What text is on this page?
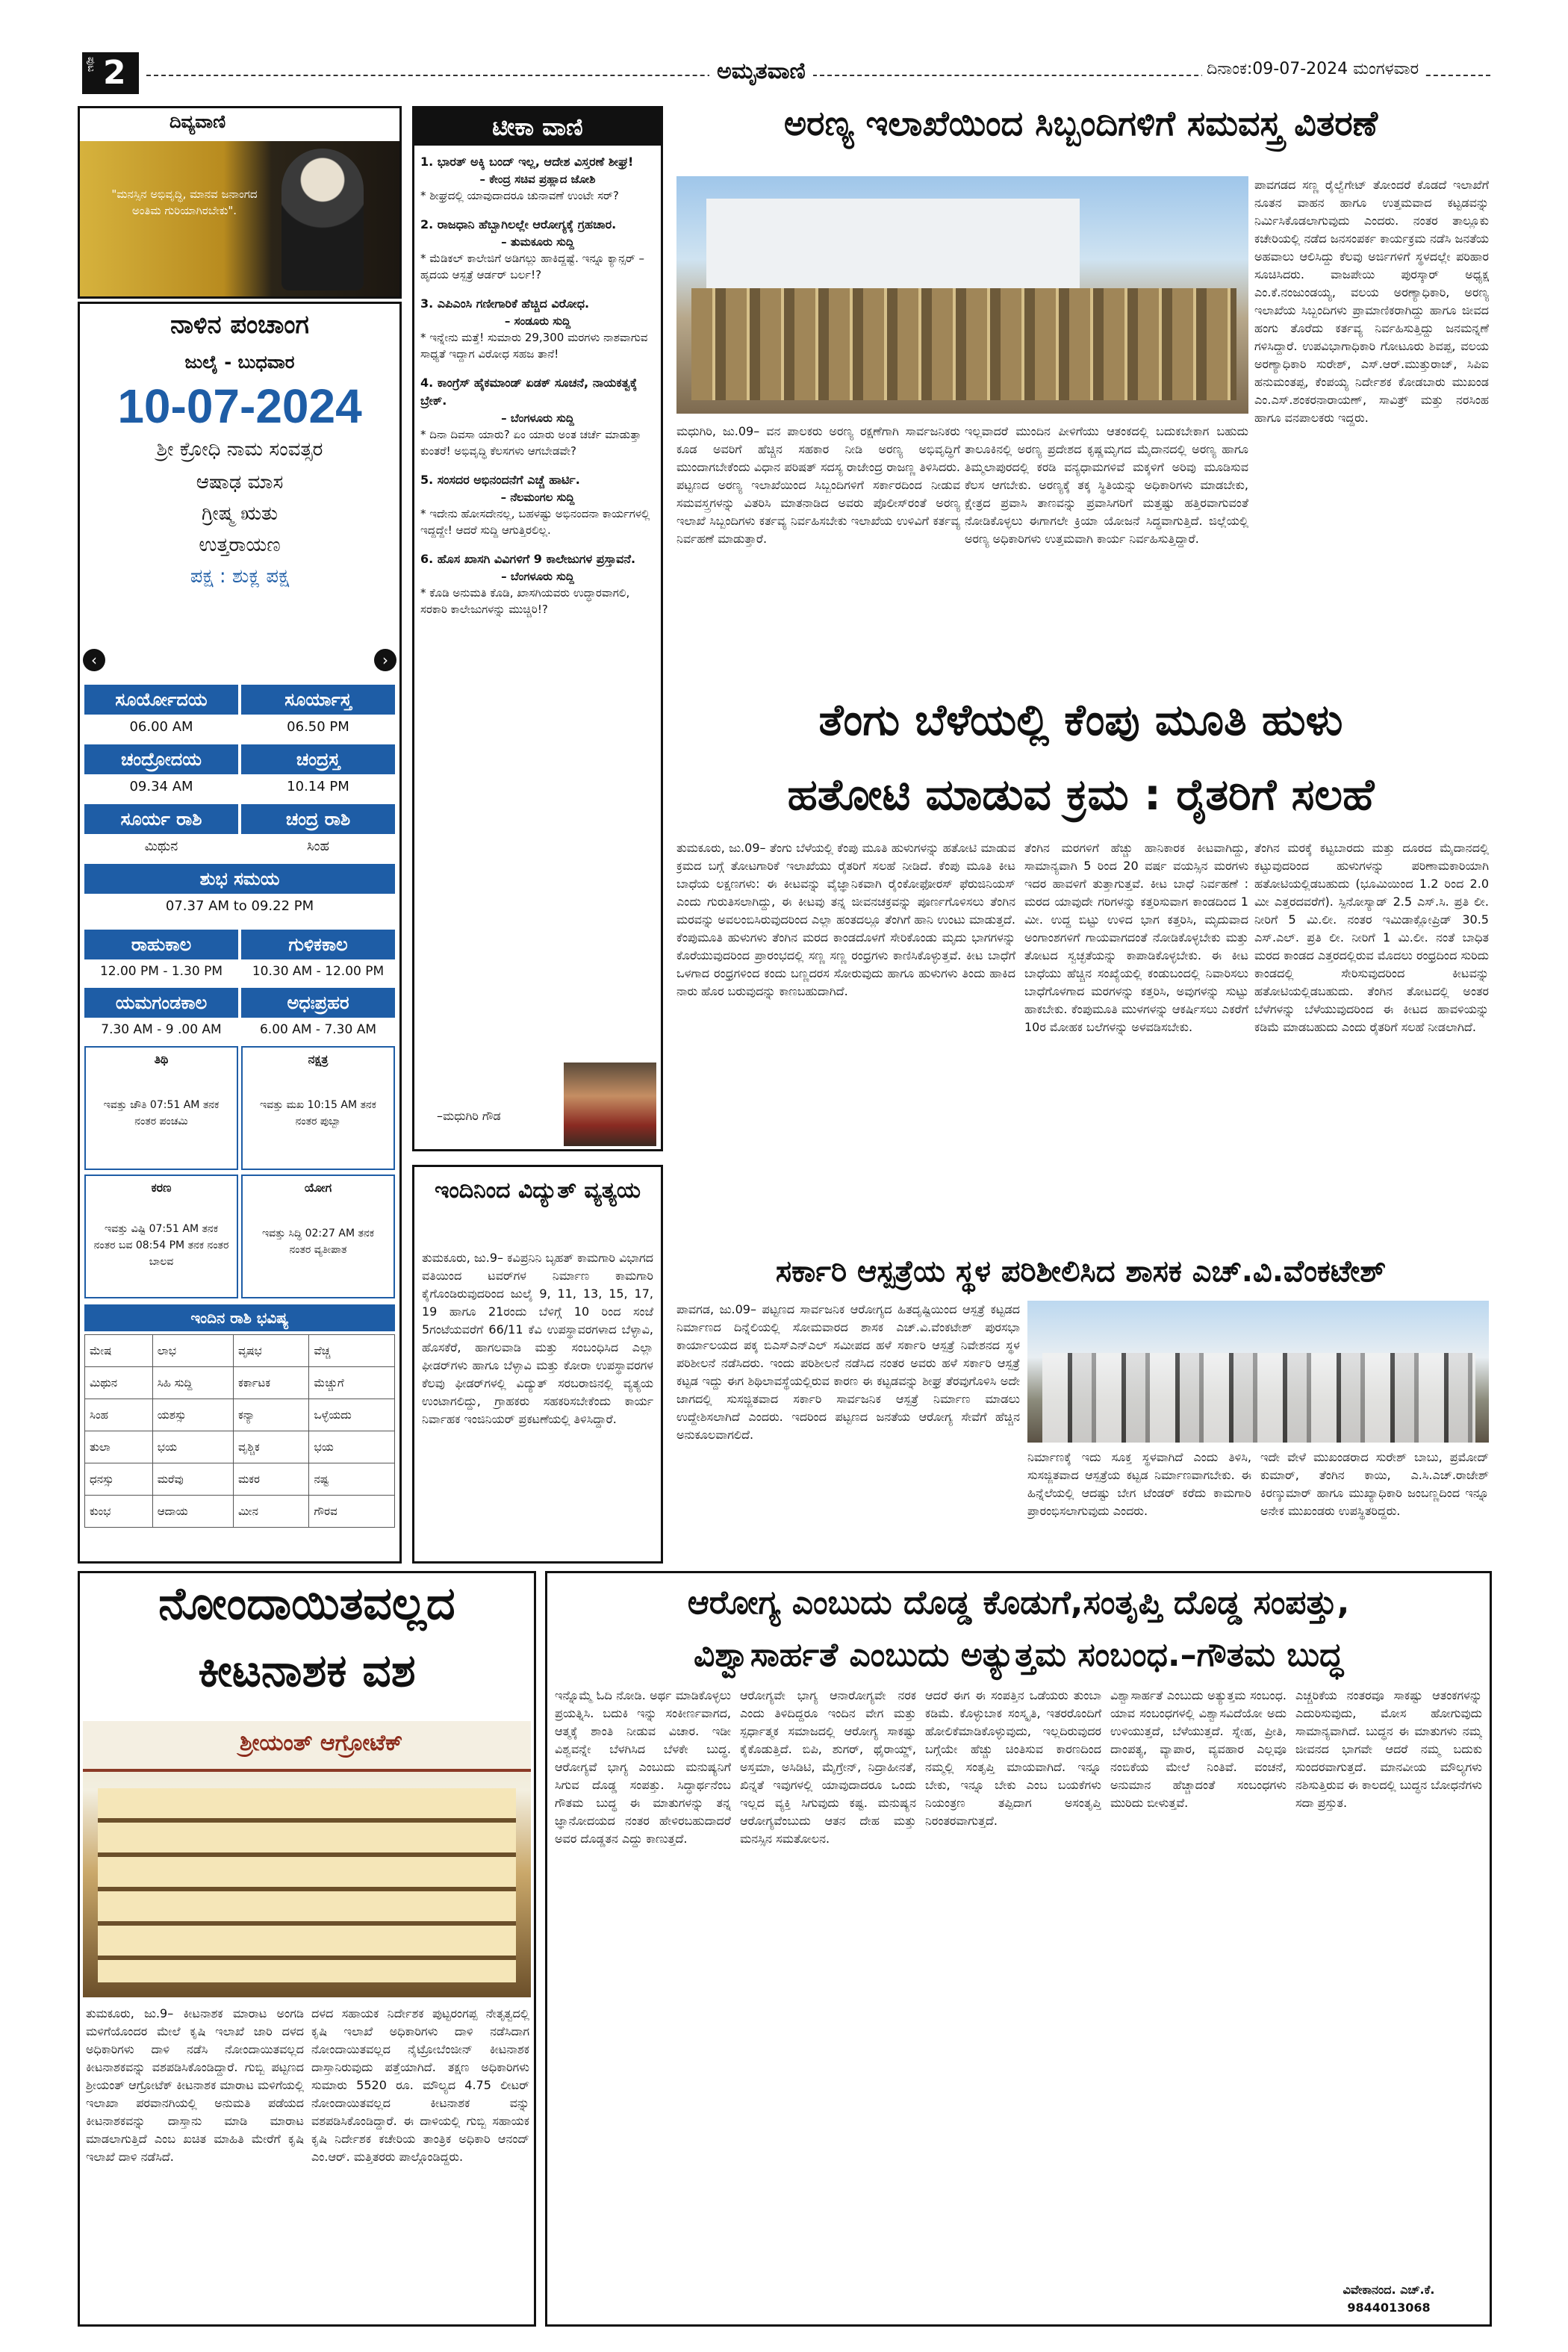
ಪುಟ 2	ಅಮೃತವಾಣಿ	ದಿನಾಂಕ:09-07-2024 ಮಂಗಳವಾರ
ದಿವ್ಯವಾಣಿ
"ಮನಸ್ಸಿನ ಅಭಿವೃದ್ಧಿ, ಮಾನವ ಜನಾಂಗದ ಅಂತಿಮ ಗುರಿಯಾಗಿರಬೇಕು".
ನಾಳಿನ ಪಂಚಾಂಗ
ಜುಲೈ - ಬುಧವಾರ
10-07-2024
ಶ್ರೀ ಕ್ರೋಧಿ ನಾಮ ಸಂವತ್ಸರ
ಆಷಾಢ ಮಾಸ
ಗ್ರೀಷ್ಮ ಋತು
ಉತ್ತರಾಯಣ
ಪಕ್ಷ : ಶುಕ್ಲ ಪಕ್ಷ
‹	›
ಸೂರ್ಯೋದಯ	ಸೂರ್ಯಾಸ್ತ
06.00 AM	06.50 PM
ಚಂದ್ರೋದಯ	ಚಂದ್ರಸ್ತ
09.34 AM	10.14 PM
ಸೂರ್ಯ ರಾಶಿ	ಚಂದ್ರ ರಾಶಿ
ಮಿಥುನ	ಸಿಂಹ
ಶುಭ ಸಮಯ
07.37 AM to 09.22 PM
ರಾಹುಕಾಲ	ಗುಳಿಕಕಾಲ
12.00 PM - 1.30 PM	10.30 AM - 12.00 PM
ಯಮಗಂಡಕಾಲ	ಅಧಃಪ್ರಹರ
7.30 AM - 9 .00 AM	6.00 AM - 7.30 AM
ತಿಥಿ
ಇವತ್ತು ಚೌತಿ 07:51 AM ತನಕ ನಂತರ ಪಂಚಮಿ
ನಕ್ಷತ್ರ
ಇವತ್ತು ಮಖ 10:15 AM ತನಕ ನಂತರ ಪುಬ್ಬಾ
ಕರಣ
ಇವತ್ತು ವಿಷ್ಟಿ 07:51 AM ತನಕ ನಂತರ ಬವ 08:54 PM ತನಕ ನಂತರ ಬಾಲವ
ಯೋಗ
ಇವತ್ತು ಸಿದ್ಧಿ 02:27 AM ತನಕ ನಂತರ ವ್ಯತೀಪಾತ
ಇಂದಿನ ರಾಶಿ ಭವಿಷ್ಯ
ಮೇಷ	ಲಾಭ	ವೃಷಭ	ವೆಚ್ಚ
ಮಿಥುನ	ಸಿಹಿ ಸುದ್ದಿ	ಕರ್ಕಾಟಕ	ಮೆಚ್ಚುಗೆ
ಸಿಂಹ	ಯಶಸ್ಸು	ಕನ್ಯಾ	ಒಳ್ಳೆಯದು
ತುಲಾ	ಭಯ	ವೃಶ್ಚಿಕ	ಭಯ
ಧನಸ್ಸು	ಮರೆವು	ಮಕರ	ನಷ್ಟ
ಕುಂಭ	ಆದಾಯ	ಮೀನ	ಗೌರವ
ಟೀಕಾ ವಾಣಿ
1. ಭಾರತ್ ಅಕ್ಕಿ ಬಂದ್ ಇಲ್ಲ, ಆದೇಶ ವಿಸ್ತರಣೆ ಶೀಘ್ರ!
– ಕೇಂದ್ರ ಸಚಿವ ಪ್ರಹ್ಲಾದ ಜೋಶಿ
* ಶೀಘ್ರದಲ್ಲಿ ಯಾವುದಾದರೂ ಚುನಾವಣೆ ಉಂಟೇ ಸರ್?
2. ರಾಜಧಾನಿ ಹೆಬ್ಬಾಗಿಲಲ್ಲೇ ಆರೋಗ್ಯಕ್ಕೆ ಗ್ರಹಚಾರ.
– ತುಮಕೂರು ಸುದ್ದಿ
* ಮೆಡಿಕಲ್ ಕಾಲೇಜಿಗೆ ಅಡಿಗಲ್ಲು ಹಾಕಿದ್ದಷ್ಟೆ. ಇನ್ನೂ ಕ್ಯಾನ್ಸರ್ – ಹೃದಯ ಆಸ್ಪತ್ರೆ ಆರ್ಡರ್ ಬರ್ಲ!?
3. ಎಪಿಎಂಸಿ ಗಣೀಗಾರಿಕೆ ಹೆಚ್ಚಿದ ವಿರೋಧ.
– ಸಂಡೂರು ಸುದ್ದಿ
* ಇನ್ನೇನು ಮತ್ತೆ! ಸುಮಾರು 29,300 ಮರಗಳು ನಾಶವಾಗುವ ಸಾಧ್ಯತೆ ಇದ್ದಾಗ ವಿರೋಧ ಸಹಜ ತಾನೆ!
4. ಕಾಂಗ್ರೆಸ್ ಹೈಕಮಾಂಡ್ ಏಡಕ್ ಸೂಚನೆ, ನಾಯಕತ್ವಕ್ಕೆ ಬ್ರೇಕ್.
– ಬೆಂಗಳೂರು ಸುದ್ದಿ
* ದಿನಾ ದಿವಸಾ ಯಾರು? ಏಂ ಯಾರು ಅಂತ ಚರ್ಚೆ ಮಾಡುತ್ತಾ ಕುಂತರೆ! ಅಭಿವೃದ್ಧಿ ಕೆಲಸಗಳು ಆಗಬೇಡವೇ?
5. ಸಂಸದರ ಅಭಿನಂದನೆಗೆ ಎಚ್ಚೆ ಹಾರ್ಟಿ.
– ನೆಲಮಂಗಲ ಸುದ್ದಿ
* ಇದೇನು ಹೋಸದೇನಲ್ಲ, ಬಹಳಷ್ಟು ಅಭಿನಂದನಾ ಕಾರ್ಯಗಳಲ್ಲಿ ಇದ್ದದ್ದೇ! ಆದರೆ ಸುದ್ದಿ ಆಗುತ್ತಿರಲಿಲ್ಲ.
6. ಹೊಸ ಖಾಸಗಿ ವಿವಿಗಳಿಗೆ 9 ಕಾಲೇಜುಗಳ ಪ್ರಸ್ತಾವನೆ.
– ಬೆಂಗಳೂರು ಸುದ್ದಿ
* ಕೊಡಿ ಅನುಮತಿ ಕೊಡಿ, ಖಾಸಗಿಯವರು ಉದ್ಧಾರವಾಗಲಿ, ಸರಕಾರಿ ಕಾಲೇಜುಗಳನ್ನು ಮುಚ್ಚಿರಿ!?
–ಮಧುಗಿರಿ ಗೌಡ
ಇಂದಿನಿಂದ ವಿದ್ಯುತ್ ವ್ಯತ್ಯಯ
ತುಮಕೂರು, ಜು.9– ಕವಿಪ್ರನಿನಿ ಬೃಹತ್ ಕಾಮಗಾರಿ ವಿಭಾಗದ ವತಿಯಿಂದ ಟವರ್‌ಗಳ ನಿರ್ಮಾಣ ಕಾಮಗಾರಿ ಕೈಗೊಂಡಿರುವುದರಿಂದ ಜುಲೈ 9, 11, 13, 15, 17, 19 ಹಾಗೂ 21ರಂದು ಬೆಳಿಗ್ಗೆ 10 ರಿಂದ ಸಂಜೆ 5ಗಂಟೆಯವರೆಗೆ 66/11 ಕೆವಿ ಉಪಸ್ಥಾವರಗಳಾದ ಬೆಳ್ಳಾವಿ, ಹೊಸಕೆರೆ, ಹಾಗಲವಾಡಿ ಮತ್ತು ಸಂಬಂಧಿಸಿದ ಎಲ್ಲಾ ಫೀಡರ್‌ಗಳು ಹಾಗೂ ಬೆಳ್ಳಾವಿ ಮತ್ತು ಕೋರಾ ಉಪಸ್ಥಾವರಗಳ ಕೆಲವು ಫೀಡರ್‌ಗಳಲ್ಲಿ ವಿದ್ಯುತ್ ಸರಬರಾಜಿನಲ್ಲಿ ವ್ಯತ್ಯಯ ಉಂಟಾಗಲಿದ್ದು, ಗ್ರಾಹಕರು ಸಹಕರಿಸಬೇಕೆಂದು ಕಾರ್ಯ ನಿರ್ವಾಹಕ ಇಂಜಿನಿಯರ್ ಪ್ರಕಟಣೆಯಲ್ಲಿ ತಿಳಿಸಿದ್ದಾರೆ.
ಅರಣ್ಯ ಇಲಾಖೆಯಿಂದ ಸಿಬ್ಬಂದಿಗಳಿಗೆ ಸಮವಸ್ತ್ರ ವಿತರಣೆ
ಪಾವಗಡದ ಸಣ್ಣ ರೈಲ್ವೆಗೇಟ್ ತೋಂದರೆ ಕೊಡದೆ ಇಲಾಖೆಗೆ ನೂತನ ವಾಹನ ಹಾಗೂ ಉತ್ತಮವಾದ ಕಟ್ಟಡವನ್ನು ನಿರ್ಮಿಸಿಕೊಡಲಾಗುವುದು ಎಂದರು. ನಂತರ ತಾಲ್ಲೂಕು ಕಚೇರಿಯಲ್ಲಿ ನಡೆದ ಜನಸಂಪರ್ಕ ಕಾರ್ಯಕ್ರಮ ನಡೆಸಿ ಜನತೆಯ ಅಹವಾಲು ಆಲಿಸಿದ್ದು ಕೆಲವು ಅರ್ಜಿಗಳಿಗೆ ಸ್ಥಳದಲ್ಲೇ ಪರಿಹಾರ ಸೂಚಿಸಿದರು. ವಾಜಪೇಯಿ ಪುರಸ್ಕಾರ್ ಅಧ್ಯಕ್ಷ ಎಂ.ಕೆ.ನಂಜುಂಡಯ್ಯ, ವಲಯ ಅರಣ್ಯಾಧಿಕಾರಿ, ಅರಣ್ಯ ಇಲಾಖೆಯ ಸಿಬ್ಬಂದಿಗಳು ಪ್ರಾಮಾಣಿಕರಾಗಿದ್ದು ಹಾಗೂ ಜೀವದ ಹಂಗು ತೊರೆದು ಕರ್ತವ್ಯ ನಿರ್ವಹಿಸುತ್ತಿದ್ದು ಜನಮನ್ನಣೆ ಗಳಿಸಿದ್ದಾರೆ. ಉಪವಿಭಾಗಾಧಿಕಾರಿ ಗೋಟೂರು ಶಿವಪ್ಪ, ವಲಯ ಅರಣ್ಯಾಧಿಕಾರಿ ಸುರೇಶ್, ಎಸ್.ಆರ್.ಮುತ್ತುರಾಜ್, ಸಿಪಿಐ ಹನುಮಂತಪ್ಪ, ಕೆಂಪಯ್ಯ ನಿರ್ದೇಶಕ ಕೋಡಬಾರು ಮುಖಂಡ ಎಂ.ಎಸ್.ಶಂಕರನಾರಾಯಣ್, ಸಾವಿತ್ರ್ ಮತ್ತು ನರಸಿಂಹ ಹಾಗೂ ವನಪಾಲಕರು ಇದ್ದರು.
ಮಧುಗಿರಿ, ಜು.09– ವನ ಪಾಲಕರು ಅರಣ್ಯ ರಕ್ಷಣೆಗಾಗಿ ಸಾರ್ವಜನಿಕರು ಕೂಡ ಅವರಿಗೆ ಹೆಚ್ಚಿನ ಸಹಕಾರ ನೀಡಿ ಅರಣ್ಯ ಅಭಿವೃದ್ಧಿಗೆ ಮುಂದಾಗಬೇಕೆಂದು ವಿಧಾನ ಪರಿಷತ್ ಸದಸ್ಯ ರಾಜೇಂದ್ರ ರಾಜಣ್ಣ ತಿಳಿಸಿದರು. ಪಟ್ಟಣದ ಅರಣ್ಯ ಇಲಾಖೆಯಿಂದ ಸಿಬ್ಬಂದಿಗಳಿಗೆ ಸರ್ಕಾರದಿಂದ ನೀಡುವ ಸಮವಸ್ತ್ರಗಳನ್ನು ವಿತರಿಸಿ ಮಾತನಾಡಿದ ಅವರು ಪೊಲೀಸ್‌ರಂತೆ ಅರಣ್ಯ ಇಲಾಖೆ ಸಿಬ್ಬಂದಿಗಳು ಕರ್ತವ್ಯ ನಿರ್ವಹಿಸಬೇಕು ಇಲಾಖೆಯ ಉಳಿವಿಗೆ ಕರ್ತವ್ಯ ನಿರ್ವಹಣೆ ಮಾಡುತ್ತಾರೆ.
ಇಲ್ಲವಾದರೆ ಮುಂದಿನ ಪೀಳಿಗೆಯು ಆತಂಕದಲ್ಲಿ ಬದುಕಬೇಕಾಗ ಬಹುದು ತಾಲೂಕಿನಲ್ಲಿ ಅರಣ್ಯ ಪ್ರದೇಶದ ಕೃಷ್ಣಮೃಗದ ಮೈದಾನದಲ್ಲಿ ಅರಣ್ಯ ಹಾಗೂ ತಿಮ್ಮಲಾಪುರದಲ್ಲಿ ಕರಡಿ ವನ್ಯಧಾಮಗಳಿವೆ ಮಕ್ಕಳಿಗೆ ಅರಿವು ಮೂಡಿಸುವ ಕೆಲಸ ಆಗಬೇಕು. ಅರಣ್ಯಕ್ಕೆ ತಕ್ಕ ಸ್ಥಿತಿಯನ್ನು ಅಧಿಕಾರಿಗಳು ಮಾಡಬೇಕು, ಕ್ಷೇತ್ರದ ಪ್ರವಾಸಿ ತಾಣವನ್ನು ಪ್ರವಾಸಿಗರಿಗೆ ಮತ್ತಷ್ಟು ಹತ್ತಿರವಾಗುವಂತೆ ನೋಡಿಕೊಳ್ಳಲು ಈಗಾಗಲೇ ಕ್ರಿಯಾ ಯೋಜನೆ ಸಿದ್ಧವಾಗುತ್ತಿದೆ. ಜಿಲ್ಲೆಯಲ್ಲಿ ಅರಣ್ಯ ಅಧಿಕಾರಿಗಳು ಉತ್ತಮವಾಗಿ ಕಾರ್ಯ ನಿರ್ವಹಿಸುತ್ತಿದ್ದಾರೆ.
ತೆಂಗು ಬೆಳೆಯಲ್ಲಿ ಕೆಂಪು ಮೂತಿ ಹುಳು
ಹತೋಟಿ ಮಾಡುವ ಕ್ರಮ : ರೈತರಿಗೆ ಸಲಹೆ
ತುಮಕೂರು, ಜು.09– ತೆಂಗು ಬೆಳೆಯಲ್ಲಿ ಕೆಂಪು ಮೂತಿ ಹುಳುಗಳನ್ನು ಹತೋಟಿ ಮಾಡುವ ಕ್ರಮದ ಬಗ್ಗೆ ತೋಟಗಾರಿಕೆ ಇಲಾಖೆಯು ರೈತರಿಗೆ ಸಲಹೆ ನೀಡಿದೆ. ಕೆಂಪು ಮೂತಿ ಕೀಟ ಬಾಧೆಯ ಲಕ್ಷಣಗಳು: ಈ ಕೀಟವನ್ನು ವೈಜ್ಞಾನಿಕವಾಗಿ ರೈಂಕೋಫೋರಸ್ ಫೆರುಜಿನಿಯಸ್ ಎಂದು ಗುರುತಿಸಲಾಗಿದ್ದು, ಈ ಕೀಟವು ತನ್ನ ಜೀವನಚಕ್ರವನ್ನು ಪೂರ್ಣಗೊಳಿಸಲು ತೆಂಗಿನ ಮರವನ್ನು ಅವಲಂಬಿಸಿರುವುದರಿಂದ ಎಲ್ಲಾ ಹಂತದಲ್ಲೂ ತೆಂಗಿಗೆ ಹಾನಿ ಉಂಟು ಮಾಡುತ್ತದೆ. ಕೆಂಪುಮೂತಿ ಹುಳುಗಳು ತೆಂಗಿನ ಮರದ ಕಾಂಡದೊಳಗೆ ಸೇರಿಕೊಂಡು ಮೃದು ಭಾಗಗಳನ್ನು ಕೊರೆಯುವುದರಿಂದ ಪ್ರಾರಂಭದಲ್ಲಿ ಸಣ್ಣ ಸಣ್ಣ ರಂಧ್ರಗಳು ಕಾಣಿಸಿಕೊಳ್ಳುತ್ತವೆ. ಕೀಟ ಬಾಧೆಗೆ ಒಳಗಾದ ರಂಧ್ರಗಳಿಂದ ಕಂದು ಬಣ್ಣದರಸ ಸೋರುವುದು ಹಾಗೂ ಹುಳುಗಳು ತಿಂದು ಹಾಕಿದ ನಾರು ಹೊರ ಬರುವುದನ್ನು ಕಾಣಬಹುದಾಗಿದೆ.
ತೆಂಗಿನ ಮರಗಳಿಗೆ ಹೆಚ್ಚು ಹಾನಿಕಾರಕ ಕೀಟವಾಗಿದ್ದು, ಸಾಮಾನ್ಯವಾಗಿ 5 ರಿಂದ 20 ವರ್ಷ ವಯಸ್ಸಿನ ಮರಗಳು ಇದರ ಹಾವಳಿಗೆ ತುತ್ತಾಗುತ್ತವೆ. ಕೀಟ ಬಾಧೆ ನಿರ್ವಹಣೆ : ಮರದ ಯಾವುದೇ ಗರಿಗಳನ್ನು ಕತ್ತರಿಸುವಾಗ ಕಾಂಡದಿಂದ 1 ಮೀ. ಉದ್ದ ಬಿಟ್ಟು ಉಳಿದ ಭಾಗ ಕತ್ತರಿಸಿ, ಮೃದುವಾದ ಅಂಗಾಂಶಗಳಿಗೆ ಗಾಯವಾಗದಂತೆ ನೋಡಿಕೊಳ್ಳಬೇಕು ಮತ್ತು ತೋಟದ ಸ್ವಚ್ಛತೆಯನ್ನು ಕಾಪಾಡಿಕೊಳ್ಳಬೇಕು. ಈ ಕೀಟ ಬಾಧೆಯು ಹೆಚ್ಚಿನ ಸಂಖ್ಯೆಯಲ್ಲಿ ಕಂಡುಬಂದಲ್ಲಿ ನಿವಾರಿಸಲು ಬಾಧೆಗೊಳಗಾದ ಮರಗಳನ್ನು ಕತ್ತರಿಸಿ, ಅವುಗಳನ್ನು ಸುಟ್ಟು ಹಾಕಬೇಕು. ಕೆಂಪುಮೂತಿ ಮುಳಗಳನ್ನು ಆಕರ್ಷಿಸಲು ಎಕರೆಗೆ 10ರ ಮೋಹಕ ಬಲೆಗಳನ್ನು ಅಳವಡಿಸಬೇಕು.
ತೆಂಗಿನ ಮರಕ್ಕೆ ಕಟ್ಟಬಾರದು ಮತ್ತು ದೂರದ ಮೈದಾನದಲ್ಲಿ ಕಟ್ಟುವುದರಿಂದ ಹುಳುಗಳನ್ನು ಪರಿಣಾಮಕಾರಿಯಾಗಿ ಹತೋಟಿಯಲ್ಲಿಡಬಹುದು (ಭೂಮಿಯಿಂದ 1.2 ರಿಂದ 2.0 ಮೀ ಎತ್ತರದವರೆಗೆ). ಸ್ಪಿನೋಸ್ಯಾಡ್ 2.5 ಎಸ್.ಸಿ. ಪ್ರತಿ ಲೀ. ನೀರಿಗೆ 5 ಮಿ.ಲೀ. ನಂತರ ಇಮಿಡಾಕ್ಲೋಪ್ರಿಡ್ 30.5 ಎಸ್.ಎಲ್. ಪ್ರತಿ ಲೀ. ನೀರಿಗೆ 1 ಮಿ.ಲೀ. ನಂತೆ ಬಾಧಿತ ಮರದ ಕಾಂಡದ ಎತ್ತರದಲ್ಲಿರುವ ಮೊದಲು ರಂಧ್ರದಿಂದ ಸುರಿದು ಕಾಂಡದಲ್ಲಿ ಸೇರಿಸುವುದರಿಂದ ಕೀಟವನ್ನು ಹತೋಟಿಯಲ್ಲಿಡಬಹುದು. ತೆಂಗಿನ ತೋಟದಲ್ಲಿ ಅಂತರ ಬೆಳೆಗಳನ್ನು ಬೆಳೆಯುವುದರಿಂದ ಈ ಕೀಟದ ಹಾವಳಿಯನ್ನು ಕಡಿಮೆ ಮಾಡಬಹುದು ಎಂದು ರೈತರಿಗೆ ಸಲಹೆ ನೀಡಲಾಗಿದೆ.
ಸರ್ಕಾರಿ ಆಸ್ಪತ್ರೆಯ ಸ್ಥಳ ಪರಿಶೀಲಿಸಿದ ಶಾಸಕ ಎಚ್.ವಿ.ವೆಂಕಟೇಶ್
ಪಾವಗಡ, ಜು.09– ಪಟ್ಟಣದ ಸಾರ್ವಜನಿಕ ಆರೋಗ್ಯದ ಹಿತದೃಷ್ಟಿಯಿಂದ ಆಸ್ಪತ್ರೆ ಕಟ್ಟಡದ ನಿರ್ಮಾಣದ ದಿನ್ನೆಲಿಯಲ್ಲಿ ಸೋಮವಾರದ ಶಾಸಕ ಎಚ್.ವಿ.ವೆಂಕಟೇಶ್ ಪುರಸಭಾ ಕಾರ್ಯಾಲಯದ ಪಕ್ಕ ಬಿಎಸ್‌ಎನ್‌ಎಲ್ ಸಮೀಪದ ಹಳೆ ಸರ್ಕಾರಿ ಆಸ್ಪತ್ರೆ ನಿವೇಶನದ ಸ್ಥಳ ಪರಿಶೀಲನೆ ನಡೆಸಿದರು. ಇಂದು ಪರಿಶೀಲನೆ ನಡೆಸಿದ ನಂತರ ಅವರು ಹಳೆ ಸರ್ಕಾರಿ ಆಸ್ಪತ್ರೆ ಕಟ್ಟಡ ಇದ್ದು ಈಗ ಶಿಥಿಲಾವಸ್ಥೆಯಲ್ಲಿರುವ ಕಾರಣ ಈ ಕಟ್ಟಡವನ್ನು ಶೀಘ್ರ ತೆರವುಗೊಳಿಸಿ ಅದೇ ಜಾಗದಲ್ಲಿ ಸುಸಜ್ಜಿತವಾದ ಸರ್ಕಾರಿ ಸಾರ್ವಜನಿಕ ಆಸ್ಪತ್ರೆ ನಿರ್ಮಾಣ ಮಾಡಲು ಉದ್ದೇಶಿಸಲಾಗಿದೆ ಎಂದರು. ಇದರಿಂದ ಪಟ್ಟಣದ ಜನತೆಯ ಆರೋಗ್ಯ ಸೇವೆಗೆ ಹೆಚ್ಚಿನ ಅನುಕೂಲವಾಗಲಿದೆ.
ನಿರ್ಮಾಣಕ್ಕೆ ಇದು ಸೂಕ್ತ ಸ್ಥಳವಾಗಿದೆ ಎಂದು ತಿಳಿಸಿ, ಸುಸಜ್ಜಿತವಾದ ಆಸ್ಪತ್ರೆಯ ಕಟ್ಟಡ ನಿರ್ಮಾಣವಾಗಬೇಕು. ಈ ಹಿನ್ನೆಲೆಯಲ್ಲಿ ಆದಷ್ಟು ಬೇಗ ಟೆಂಡರ್ ಕರೆದು ಕಾಮಗಾರಿ ಪ್ರಾರಂಭಿಸಲಾಗುವುದು ಎಂದರು.
ಇದೇ ವೇಳೆ ಮುಖಂಡರಾದ ಸುರೇಶ್ ಬಾಬು, ಪ್ರಮೋದ್ ಕುಮಾರ್, ತೆಂಗಿನ ಕಾಯಿ, ಎ.ಸಿ.ಎಚ್.ರಾಜೇಶ್ ಕಿರಣ್ಕುಮಾರ್ ಹಾಗೂ ಮುಖ್ಯಾಧಿಕಾರಿ ಜಂಬಣ್ಣದಿಂದ ಇನ್ನೂ ಅನೇಕ ಮುಖಂಡರು ಉಪಸ್ಥಿತರಿದ್ದರು.
ನೋಂದಾಯಿತವಲ್ಲದ
ಕೀಟನಾಶಕ ವಶ
ಶ್ರೀಯಂತ್ ಆಗ್ರೋಟೆಕ್
ತುಮಕೂರು, ಜು.9– ಕೀಟನಾಶಕ ಮಾರಾಟ ಅಂಗಡಿ ಮಳಿಗೆಯೊಂದರ ಮೇಲೆ ಕೃಷಿ ಇಲಾಖೆ ಜಾರಿ ದಳದ ಅಧಿಕಾರಿಗಳು ದಾಳಿ ನಡೆಸಿ ನೋಂದಾಯಿತವಲ್ಲದ ಕೀಟನಾಶಕವನ್ನು ವಶಪಡಿಸಿಕೊಂಡಿದ್ದಾರೆ. ಗುಬ್ಬಿ ಪಟ್ಟಣದ ಶ್ರೀಯಂತ್ ಆಗ್ರೋಟೆಕ್ ಕೀಟನಾಶಕ ಮಾರಾಟ ಮಳಿಗೆಯಲ್ಲಿ ಇಲಾಖಾ ಪರವಾನಗಿಯಲ್ಲಿ ಅನುಮತಿ ಪಡೆಯದ ಕೀಟನಾಶಕವನ್ನು ದಾಸ್ತಾನು ಮಾಡಿ ಮಾರಾಟ ಮಾಡಲಾಗುತ್ತಿದೆ ಎಂಬ ಖಚಿತ ಮಾಹಿತಿ ಮೇರೆಗೆ ಕೃಷಿ ಇಲಾಖೆ ದಾಳಿ ನಡೆಸಿದೆ.
ದಳದ ಸಹಾಯಕ ನಿರ್ದೇಶಕ ಪುಟ್ಟರಂಗಪ್ಪ ನೇತೃತ್ವದಲ್ಲಿ ಕೃಷಿ ಇಲಾಖೆ ಅಧಿಕಾರಿಗಳು ದಾಳಿ ನಡೆಸಿದಾಗ ನೋಂದಾಯಿತವಲ್ಲದ ನೈಟ್ರೋಬೆಂಜೀನ್ ಕೀಟನಾಶಕ ದಾಸ್ತಾನಿರುವುದು ಪತ್ತೆಯಾಗಿದೆ. ತಕ್ಷಣ ಅಧಿಕಾರಿಗಳು ಸುಮಾರು 5520 ರೂ. ಮೌಲ್ಯದ 4.75 ಲೀಟರ್ ನೋಂದಾಯಿತವಲ್ಲದ ಕೀಟನಾಶಕ ವನ್ನು ವಶಪಡಿಸಿಕೊಂಡಿದ್ದಾರೆ. ಈ ದಾಳಿಯಲ್ಲಿ ಗುಬ್ಬಿ ಸಹಾಯಕ ಕೃಷಿ ನಿರ್ದೇಶಕ ಕಚೇರಿಯ ತಾಂತ್ರಿಕ ಅಧಿಕಾರಿ ಆನಂದ್ ಎಂ.ಆರ್. ಮತ್ತಿತರರು ಪಾಲ್ಗೊಂಡಿದ್ದರು.
ಆರೋಗ್ಯ ಎಂಬುದು ದೊಡ್ಡ ಕೊಡುಗೆ,ಸಂತೃಪ್ತಿ ದೊಡ್ಡ ಸಂಪತ್ತು,
ವಿಶ್ವಾಸಾರ್ಹತೆ ಎಂಬುದು ಅತ್ಯುತ್ತಮ ಸಂಬಂಧ.–ಗೌತಮ ಬುದ್ಧ
ಇನ್ನೊಮ್ಮೆ ಓದಿ ನೋಡಿ. ಅರ್ಥ ಮಾಡಿಕೊಳ್ಳಲು ಪ್ರಯತ್ನಿಸಿ. ಬದುಕಿ ಇನ್ನು ಸಂಕೀರ್ಣವಾಗದ, ಆತ್ಮಕ್ಕೆ ಶಾಂತಿ ನೀಡುವ ವಿಚಾರ. ಇಡೀ ವಿಶ್ವವನ್ನೇ ಬೆಳಗಿಸಿದ ಬೆಳಕೇ ಬುದ್ಧ. ಆರೋಗ್ಯವೆ ಭಾಗ್ಯ ಎಂಬುದು ಮನುಷ್ಯನಿಗೆ ಸಿಗುವ ದೊಡ್ಡ ಸಂಪತ್ತು. ಸಿದ್ಧಾರ್ಥನೆಂಬ ಗೌತಮ ಬುದ್ಧ ಈ ಮಾತುಗಳನ್ನು ತನ್ನ ಜ್ಞಾನೋದಯದ ನಂತರ ಹೇಳಿರಬಹುದಾದರೆ ಅವರ ದೊಡ್ಡತನ ಎದ್ದು ಕಾಣುತ್ತದೆ.
ಆರೋಗ್ಯವೇ ಭಾಗ್ಯ ಆನಾರೋಗ್ಯವೇ ನರಕ ಎಂದು ತಿಳಿದಿದ್ದರೂ ಇಂದಿನ ವೇಗ ಮತ್ತು ಸ್ಪರ್ಧಾತ್ಮಕ ಸಮಾಜದಲ್ಲಿ ಆರೋಗ್ಯ ಸಾಕಷ್ಟು ಕೈಕೊಡುತ್ತಿದೆ. ಬಿಪಿ, ಶುಗರ್, ಥೈರಾಯ್ಡ್, ಅಸ್ತಮಾ, ಅಸಿಡಿಟಿ, ಮೈಗ್ರೇನ್, ನಿದ್ರಾಹೀನತೆ, ಖಿನ್ನತೆ ಇವುಗಳಲ್ಲಿ ಯಾವುದಾದರೂ ಒಂದು ಇಲ್ಲದ ವ್ಯಕ್ತಿ ಸಿಗುವುದು ಕಷ್ಟ. ಮನುಷ್ಯನ ಆರೋಗ್ಯವೆಂಬುದು ಆತನ ದೇಹ ಮತ್ತು ಮನಸ್ಸಿನ ಸಮತೋಲನ.
ಆದರೆ ಈಗ ಈ ಸಂಪತ್ತಿನ ಒಡೆಯರು ತುಂಬಾ ಕಡಿಮೆ. ಕೊಳ್ಳುಬಾಕ ಸಂಸ್ಕೃತಿ, ಇತರರೊಂದಿಗೆ ಹೋಲಿಕೆಮಾಡಿಕೊಳ್ಳುವುದು, ಇಲ್ಲದಿರುವುದರ ಬಗ್ಗೆಯೇ ಹೆಚ್ಚು ಚಿಂತಿಸುವ ಕಾರಣದಿಂದ ನಮ್ಮಲ್ಲಿ ಸಂತೃಪ್ತಿ ಮಾಯವಾಗಿದೆ. ಇನ್ನೂ ಬೇಕು, ಇನ್ನೂ ಬೇಕು ಎಂಬ ಬಯಕೆಗಳು ನಿಯಂತ್ರಣ ತಪ್ಪಿದಾಗ ಅಸಂತೃಪ್ತಿ ನಿರಂತರವಾಗುತ್ತದೆ.
ವಿಶ್ವಾಸಾರ್ಹತೆ ಎಂಬುದು ಅತ್ಯುತ್ತಮ ಸಂಬಂಧ. ಯಾವ ಸಂಬಂಧಗಳಲ್ಲಿ ವಿಶ್ವಾಸವಿದೆಯೋ ಅದು ಉಳಿಯುತ್ತದೆ, ಬೆಳೆಯುತ್ತದೆ. ಸ್ನೇಹ, ಪ್ರೀತಿ, ದಾಂಪತ್ಯ, ವ್ಯಾಪಾರ, ವ್ಯವಹಾರ ಎಲ್ಲವೂ ನಂಬಿಕೆಯ ಮೇಲೆ ನಿಂತಿವೆ. ವಂಚನೆ, ಅನುಮಾನ ಹೆಚ್ಚಾದಂತೆ ಸಂಬಂಧಗಳು ಮುರಿದು ಬೀಳುತ್ತವೆ.
ಎಚ್ಚರಿಕೆಯ ನಂತರವೂ ಸಾಕಷ್ಟು ಆತಂಕಗಳನ್ನು ಎದುರಿಸುವುದು, ಮೋಸ ಹೋಗುವುದು ಸಾಮಾನ್ಯವಾಗಿದೆ. ಬುದ್ಧನ ಈ ಮಾತುಗಳು ನಮ್ಮ ಜೀವನದ ಭಾಗವೇ ಆದರೆ ನಮ್ಮ ಬದುಕು ಸುಂದರವಾಗುತ್ತದೆ. ಮಾನವೀಯ ಮೌಲ್ಯಗಳು ನಶಿಸುತ್ತಿರುವ ಈ ಕಾಲದಲ್ಲಿ ಬುದ್ಧನ ಬೋಧನೆಗಳು ಸದಾ ಪ್ರಸ್ತುತ.
ವಿವೇಕಾನಂದ. ಎಚ್.ಕೆ.
9844013068
